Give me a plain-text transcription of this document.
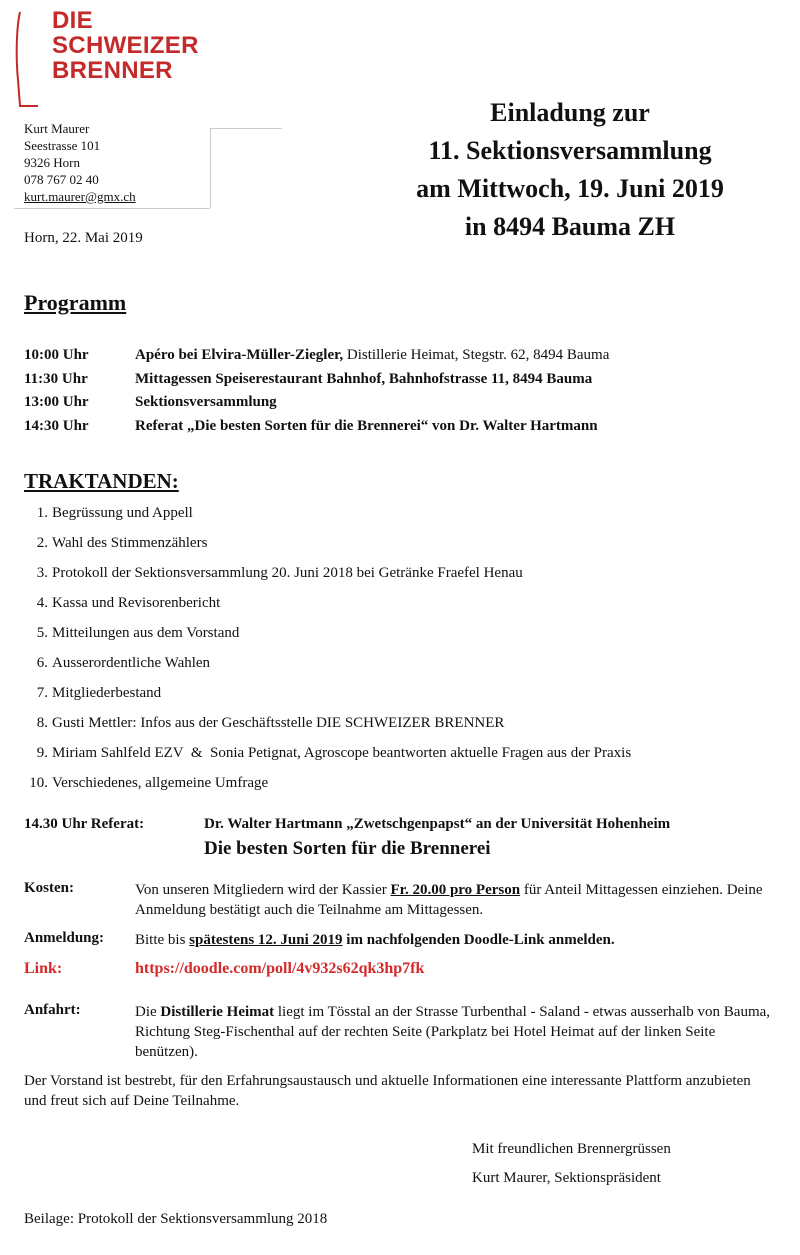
DIE
SCHWEIZER
BRENNER
Kurt Maurer
Seestrasse 101
9326 Horn
078 767 02 40
kurt.maurer@gmx.ch
Horn, 22. Mai 2019
Einladung zur
11. Sektionsversammlung
am Mittwoch, 19. Juni 2019
in 8494 Bauma ZH
Programm
10:00 Uhr	Apéro bei Elvira-Müller-Ziegler, Distillerie Heimat, Stegstr. 62, 8494 Bauma
11:30 Uhr	Mittagessen Speiserestaurant Bahnhof, Bahnhofstrasse 11, 8494 Bauma
13:00 Uhr	Sektionsversammlung
14:30 Uhr	Referat „Die besten Sorten für die Brennerei“ von Dr. Walter Hartmann
TRAKTANDEN:
1. Begrüssung und Appell
2. Wahl des Stimmenzählers
3. Protokoll der Sektionsversammlung 20. Juni 2018 bei Getränke Fraefel Henau
4. Kassa und Revisorenbericht
5. Mitteilungen aus dem Vorstand
6. Ausserordentliche Wahlen
7. Mitgliederbestand
8. Gusti Mettler: Infos aus der Geschäftsstelle DIE SCHWEIZER BRENNER
9. Miriam Sahlfeld EZV  &  Sonia Petignat, Agroscope beantworten aktuelle Fragen aus der Praxis
10. Verschiedenes, allgemeine Umfrage
14.30 Uhr Referat:	Dr. Walter Hartmann „Zwetschgenpapst“ an der Universität Hohenheim
Die besten Sorten für die Brennerei
Kosten:	Von unseren Mitgliedern wird der Kassier Fr. 20.00 pro Person für Anteil Mittagessen einziehen. Deine Anmeldung bestätigt auch die Teilnahme am Mittagessen.
Anmeldung: Bitte bis spätestens 12. Juni 2019 im nachfolgenden Doodle-Link anmelden.
Link:	https://doodle.com/poll/4v932s62qk3hp7fk
Anfahrt:	Die Distillerie Heimat liegt im Tösstal an der Strasse Turbenthal - Saland - etwas ausserhalb von Bauma, Richtung Steg-Fischenthal auf der rechten Seite (Parkplatz bei Hotel Heimat auf der linken Seite benützen).
Der Vorstand ist bestrebt, für den Erfahrungsaustausch und aktuelle Informationen eine interessante Plattform anzubieten und freut sich auf Deine Teilnahme.
Mit freundlichen Brennergrüssen
Kurt Maurer, Sektionspräsident
Beilage: Protokoll der Sektionsversammlung 2018
